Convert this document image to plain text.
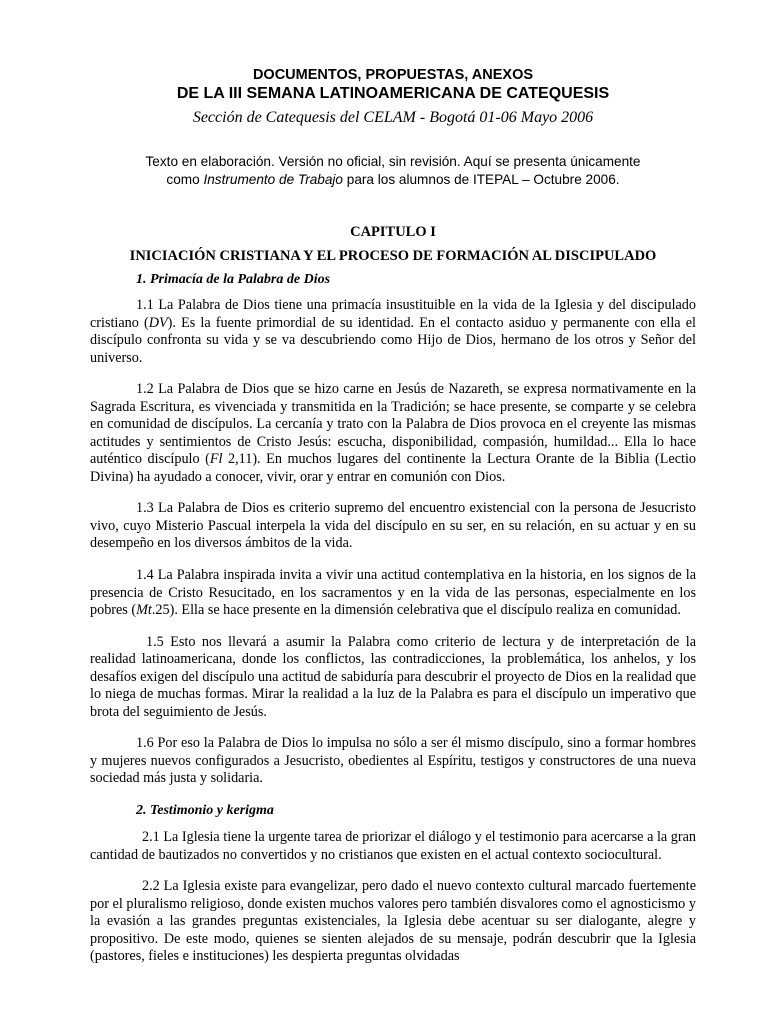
DOCUMENTOS, PROPUESTAS, ANEXOS
DE LA III SEMANA LATINOAMERICANA DE CATEQUESIS
Sección de Catequesis del CELAM - Bogotá 01-06 Mayo 2006
Texto en elaboración. Versión no oficial, sin revisión. Aquí se presenta únicamente
como Instrumento de Trabajo para los alumnos de ITEPAL – Octubre 2006.
CAPITULO I
INICIACIÓN CRISTIANA Y EL PROCESO DE FORMACIÓN AL DISCIPULADO
1. Primacía de la Palabra de Dios

1.1 La Palabra de Dios tiene una primacía insustituible en la vida de la Iglesia y del discipulado cristiano (DV). Es la fuente primordial de su identidad. En el contacto asiduo y permanente con ella el discípulo confronta su vida y se va descubriendo como Hijo de Dios, hermano de los otros y Señor del universo.

1.2 La Palabra de Dios que se hizo carne en Jesús de Nazareth, se expresa normativamente en la Sagrada Escritura, es vivenciada y transmitida en la Tradición; se hace presente, se comparte y se celebra en comunidad de discípulos. La cercanía y trato con la Palabra de Dios provoca en el creyente las mismas actitudes y sentimientos de Cristo Jesús: escucha, disponibilidad, compasión, humildad... Ella lo hace auténtico discípulo (Fl 2,11). En muchos lugares del continente la Lectura Orante de la Biblia (Lectio Divina) ha ayudado a conocer, vivir, orar y entrar en comunión con Dios.

1.3 La Palabra de Dios es criterio supremo del encuentro existencial con la persona de Jesucristo vivo, cuyo Misterio Pascual interpela la vida del discípulo en su ser, en su relación, en su actuar y en su desempeño en los diversos ámbitos de la vida.

1.4 La Palabra inspirada invita a vivir una actitud contemplativa en la historia, en los signos de la presencia de Cristo Resucitado, en los sacramentos y en la vida de las personas, especialmente en los pobres (Mt.25). Ella se hace presente en la dimensión celebrativa que el discípulo realiza en comunidad.

1.5 Esto nos llevará a asumir la Palabra como criterio de lectura y de interpretación de la realidad latinoamericana, donde los conflictos, las contradicciones, la problemática, los anhelos, y los desafíos exigen del discípulo una actitud de sabiduría para descubrir el proyecto de Dios en la realidad que lo niega de muchas formas. Mirar la realidad a la luz de la Palabra es para el discípulo un imperativo que brota del seguimiento de Jesús.

1.6 Por eso la Palabra de Dios lo impulsa no sólo a ser él mismo discípulo, sino a formar hombres y mujeres nuevos configurados a Jesucristo, obedientes al Espíritu, testigos y constructores de una nueva sociedad más justa y solidaria.

2. Testimonio y kerigma

2.1 La Iglesia tiene la urgente tarea de priorizar el diálogo y el testimonio para acercarse a la gran cantidad de bautizados no convertidos y no cristianos que existen en el actual contexto sociocultural.

2.2 La Iglesia existe para evangelizar, pero dado el nuevo contexto cultural marcado fuertemente por el pluralismo religioso, donde existen muchos valores pero también disvalores como el agnosticismo y la evasión a las grandes preguntas existenciales, la Iglesia debe acentuar su ser dialogante, alegre y propositivo. De este modo, quienes se sienten alejados de su mensaje, podrán descubrir que la Iglesia (pastores, fieles e instituciones) les despierta preguntas olvidadas
